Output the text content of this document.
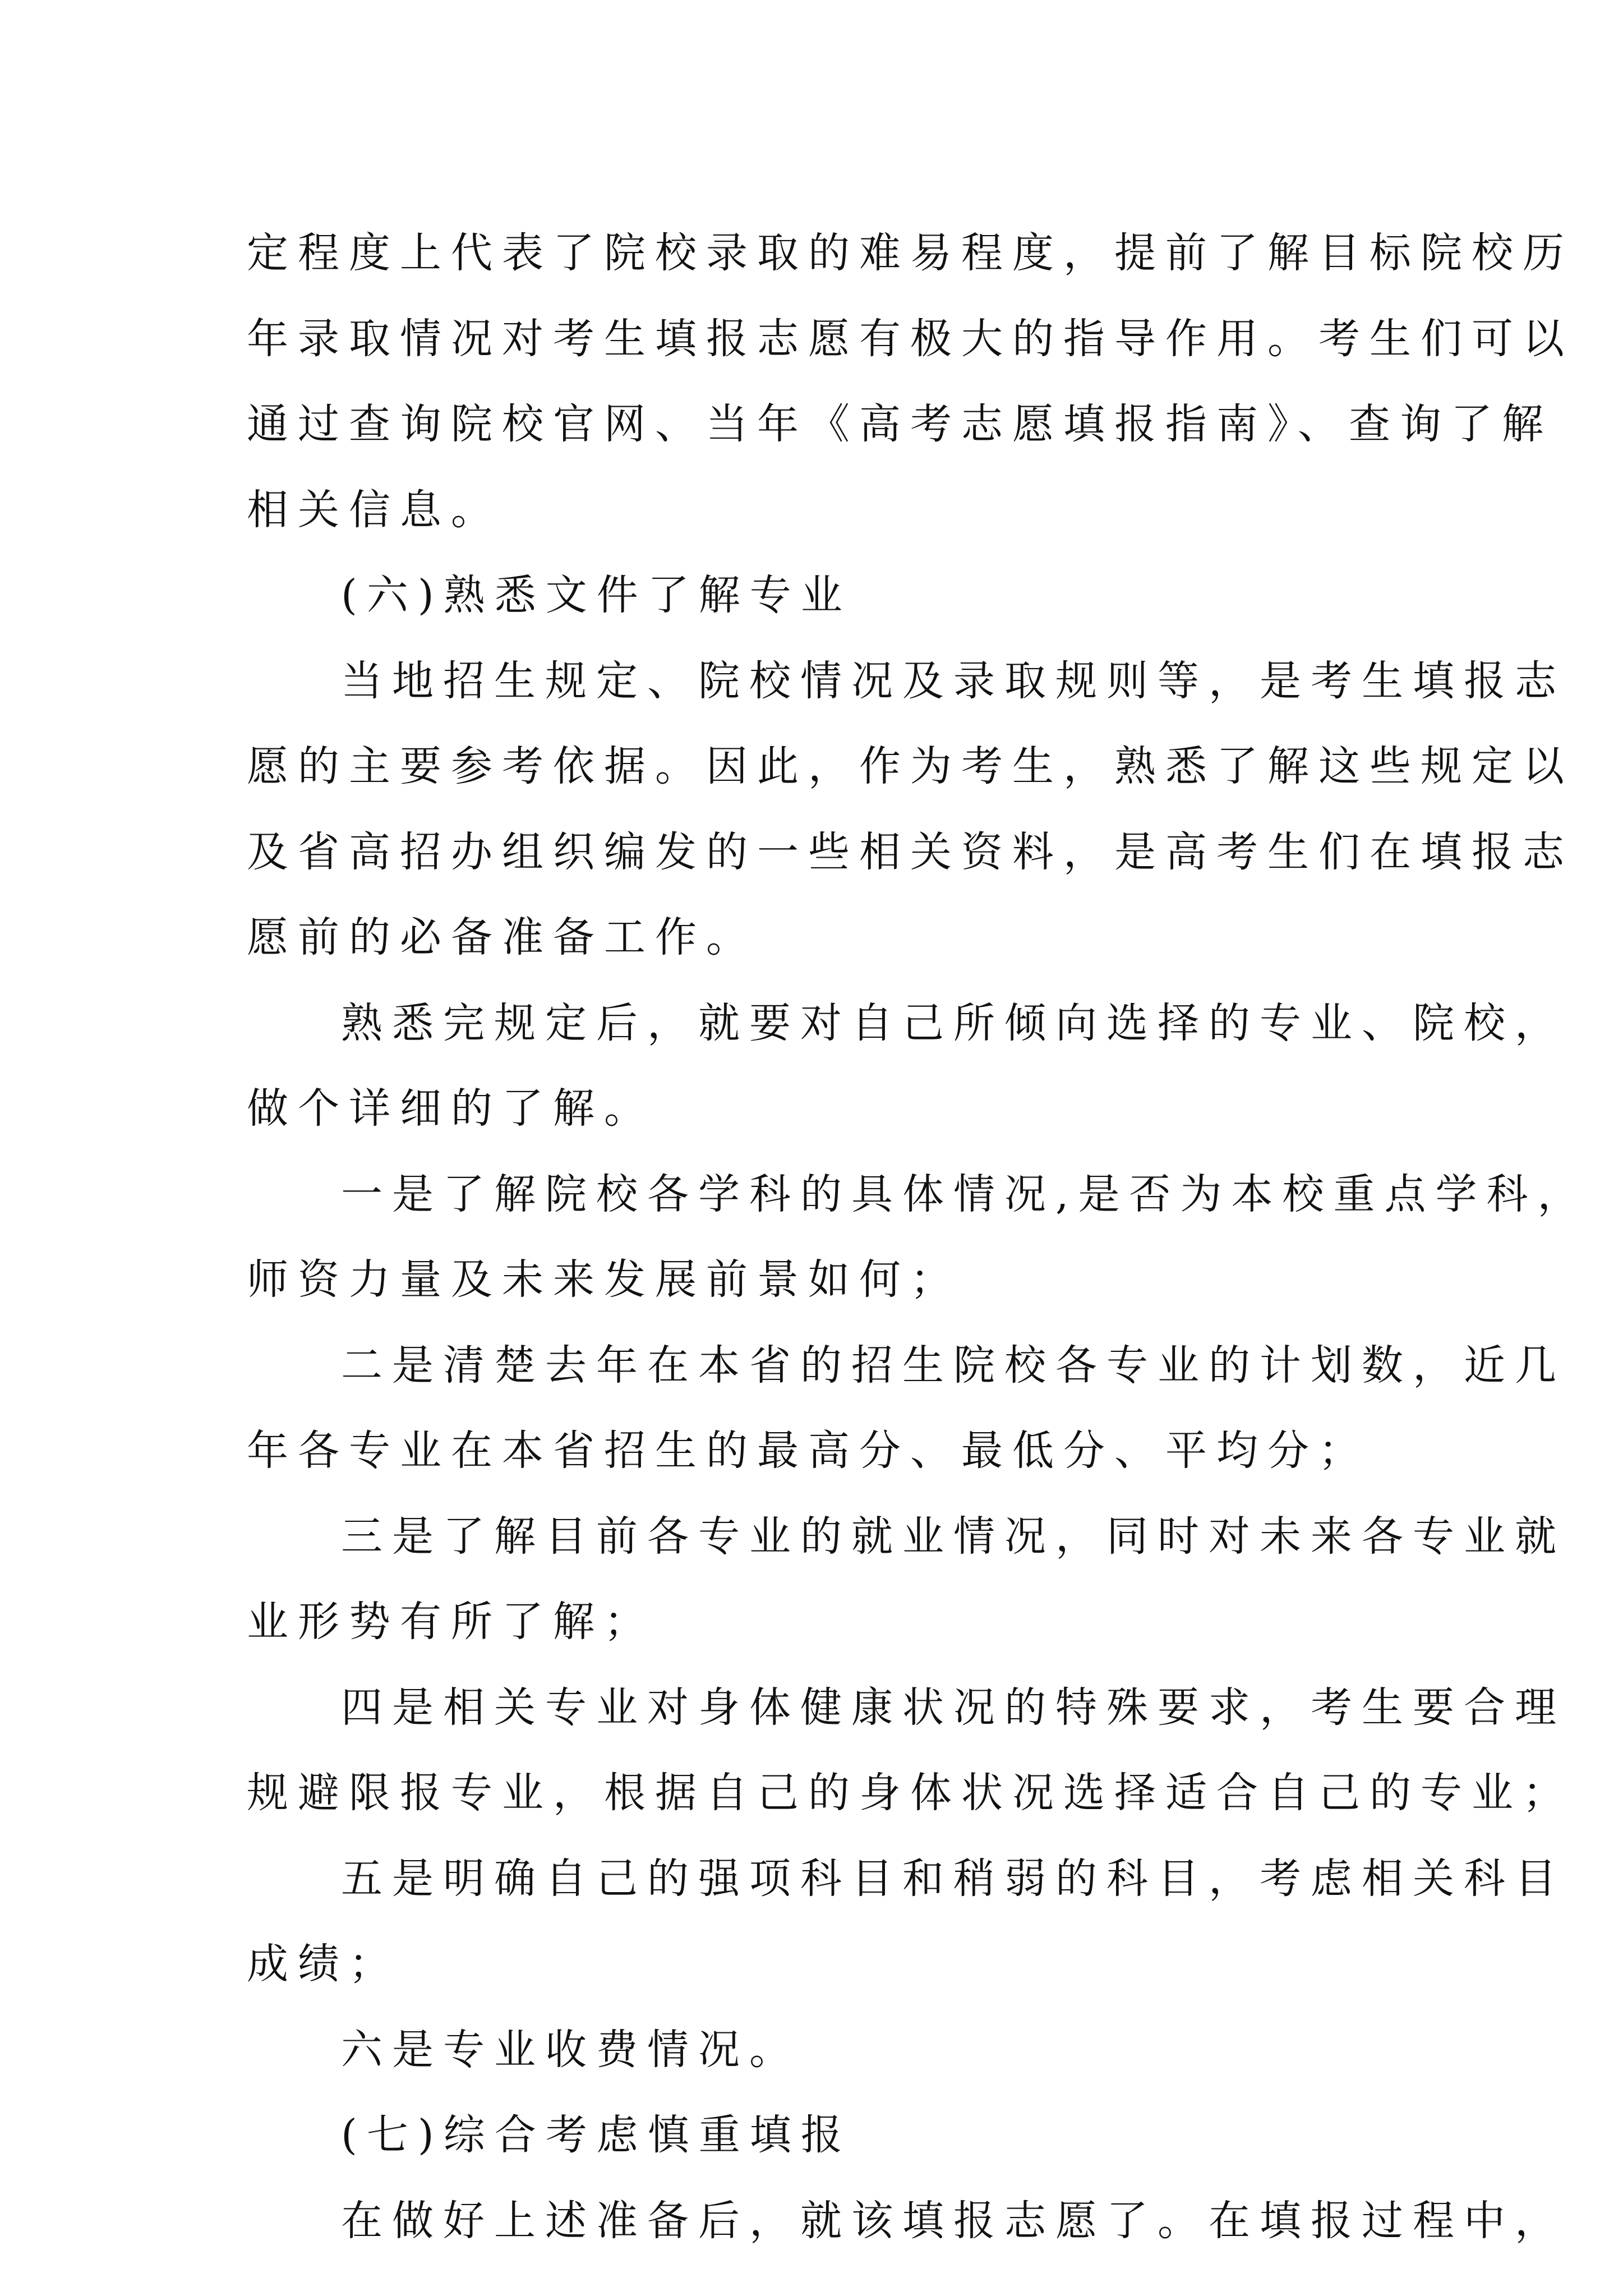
定程度上代表了院校录取的难易程度，提前了解目标院校历
年录取情况对考生填报志愿有极大的指导作用。考生们可以
通过查询院校官网、当年《高考志愿填报指南》、查询了解
相关信息。
(六)熟悉文件了解专业
当地招生规定、院校情况及录取规则等，是考生填报志
愿的主要参考依据。因此，作为考生，熟悉了解这些规定以
及省高招办组织编发的一些相关资料，是高考生们在填报志
愿前的必备准备工作。
熟悉完规定后，就要对自己所倾向选择的专业、院校，
做个详细的了解。
一是了解院校各学科的具体情况,是否为本校重点学科，
师资力量及未来发展前景如何；
二是清楚去年在本省的招生院校各专业的计划数，近几
年各专业在本省招生的最高分、最低分、平均分；
三是了解目前各专业的就业情况，同时对未来各专业就
业形势有所了解；
四是相关专业对身体健康状况的特殊要求，考生要合理
规避限报专业，根据自己的身体状况选择适合自己的专业；
五是明确自己的强项科目和稍弱的科目，考虑相关科目
成绩；
六是专业收费情况。
(七)综合考虑慎重填报
在做好上述准备后，就该填报志愿了。在填报过程中，
